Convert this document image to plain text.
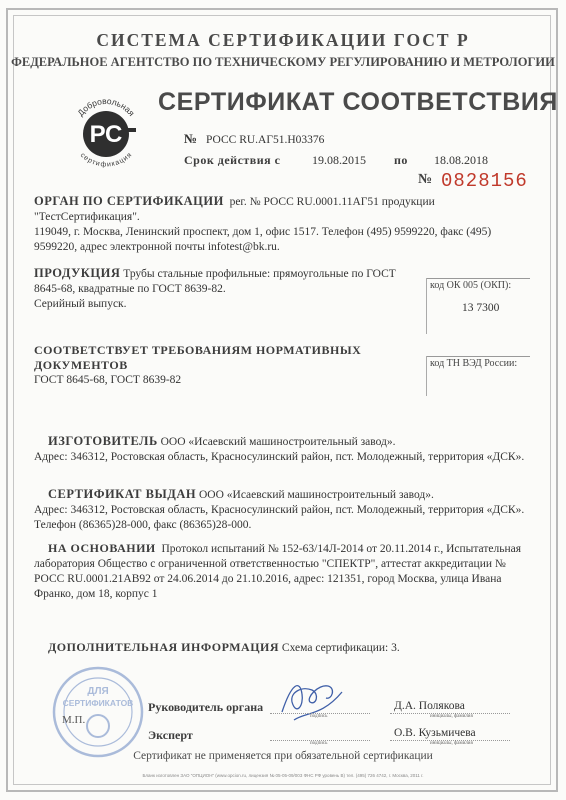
СИСТЕМА СЕРТИФИКАЦИИ ГОСТ Р
ФЕДЕРАЛЬНОЕ АГЕНТСТВО ПО ТЕХНИЧЕСКОМУ РЕГУЛИРОВАНИЮ И МЕТРОЛОГИИ
РС
Добровольная
сертификация
СЕРТИФИКАТ СООТВЕТСТВИЯ
№ РОСС RU.АГ51.Н03376
Срок действия с	19.08.2015 по 18.08.2018
№ 0828156
ОРГАН ПО СЕРТИФИКАЦИИ рег. № РОСС RU.0001.11АГ51 продукции "ТестСертификация".
119049, г. Москва, Ленинский проспект, дом 1, офис 1517. Телефон (495) 9599220, факс (495)
9599220, адрес электронной почты infotest@bk.ru.
ПРОДУКЦИЯ Трубы стальные профильные: прямоугольные по ГОСТ
8645-68, квадратные по ГОСТ 8639-82.
Серийный выпуск.
код ОК 005 (ОКП):
13 7300
СООТВЕТСТВУЕТ ТРЕБОВАНИЯМ НОРМАТИВНЫХ ДОКУМЕНТОВ
ГОСТ 8645-68, ГОСТ 8639-82
код ТН ВЭД России:
ИЗГОТОВИТЕЛЬ ООО «Исаевский машиностроительный завод».
Адрес: 346312, Ростовская область, Красносулинский район, пст. Молодежный, территория «ДСК».
СЕРТИФИКАТ ВЫДАН ООО «Исаевский машиностроительный завод».
Адрес: 346312, Ростовская область, Красносулинский район, пст. Молодежный, территория «ДСК».
Телефон (86365)28-000, факс (86365)28-000.
НА ОСНОВАНИИ Протокол испытаний № 152-63/14Л-2014 от 20.11.2014 г., Испытательная
лаборатория Общество с ограниченной ответственностью "СПЕКТР", аттестат аккредитации №
РОСС RU.0001.21АВ92 от 24.06.2014 до 21.10.2016, адрес: 121351, город Москва, улица Ивана
Франко, дом 18, корпус 1
ДОПОЛНИТЕЛЬНАЯ ИНФОРМАЦИЯ Схема сертификации: 3.
ДЛЯ
СЕРТИФИКАТОВ
М.П.
Руководитель органа
подпись
Д.А. Полякова
инициалы, фамилия
Эксперт
подпись
О.В. Кузьмичева
инициалы, фамилия
Сертификат не применяется при обязательной сертификации
Бланк изготовлен ЗАО "ОПЦИОН" (www.opcion.ru, лицензия № 05-05-09/003 ФНС РФ уровень B) тел. (495) 726 4742, г. Москва, 2011 г.
